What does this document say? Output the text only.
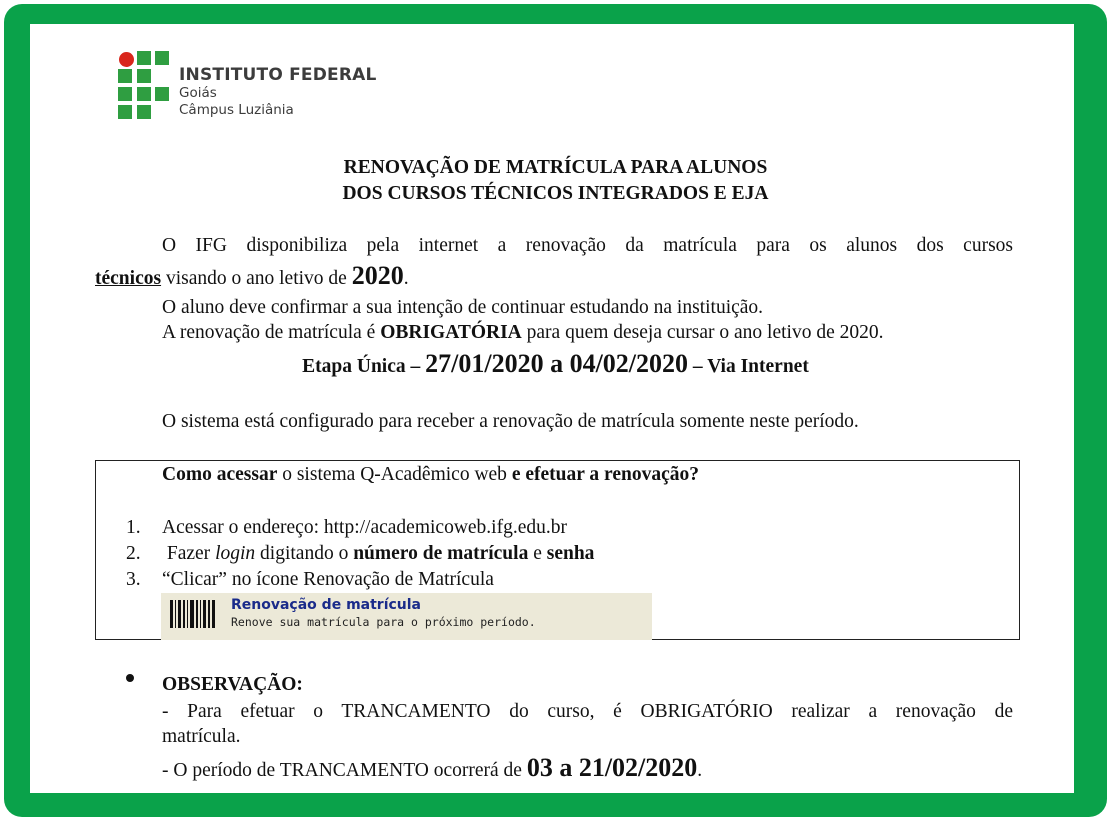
INSTITUTO FEDERAL
Goiás
Câmpus Luziânia
RENOVAÇÃO DE MATRÍCULA PARA ALUNOS
DOS CURSOS TÉCNICOS INTEGRADOS E EJA
O IFG disponibiliza pela internet a renovação da matrícula para os alunos dos cursos
técnicos visando o ano letivo de 2020.
O aluno deve confirmar a sua intenção de continuar estudando na instituição.
A renovação de matrícula é OBRIGATÓRIA para quem deseja cursar o ano letivo de 2020.
Etapa Única – 27/01/2020 a 04/02/2020 – Via Internet
O sistema está configurado para receber a renovação de matrícula somente neste período.
Como acessar o sistema Q-Acadêmico web e efetuar a renovação?
1. Acessar o endereço: http://academicoweb.ifg.edu.br
2. Fazer login digitando o número de matrícula e senha
3. “Clicar” no ícone Renovação de Matrícula
Renovação de matrícula
Renove sua matrícula para o próximo período.
OBSERVAÇÃO:
- Para efetuar o TRANCAMENTO do curso, é OBRIGATÓRIO realizar a renovação de
matrícula.
- O período de TRANCAMENTO ocorrerá de 03 a 21/02/2020.
